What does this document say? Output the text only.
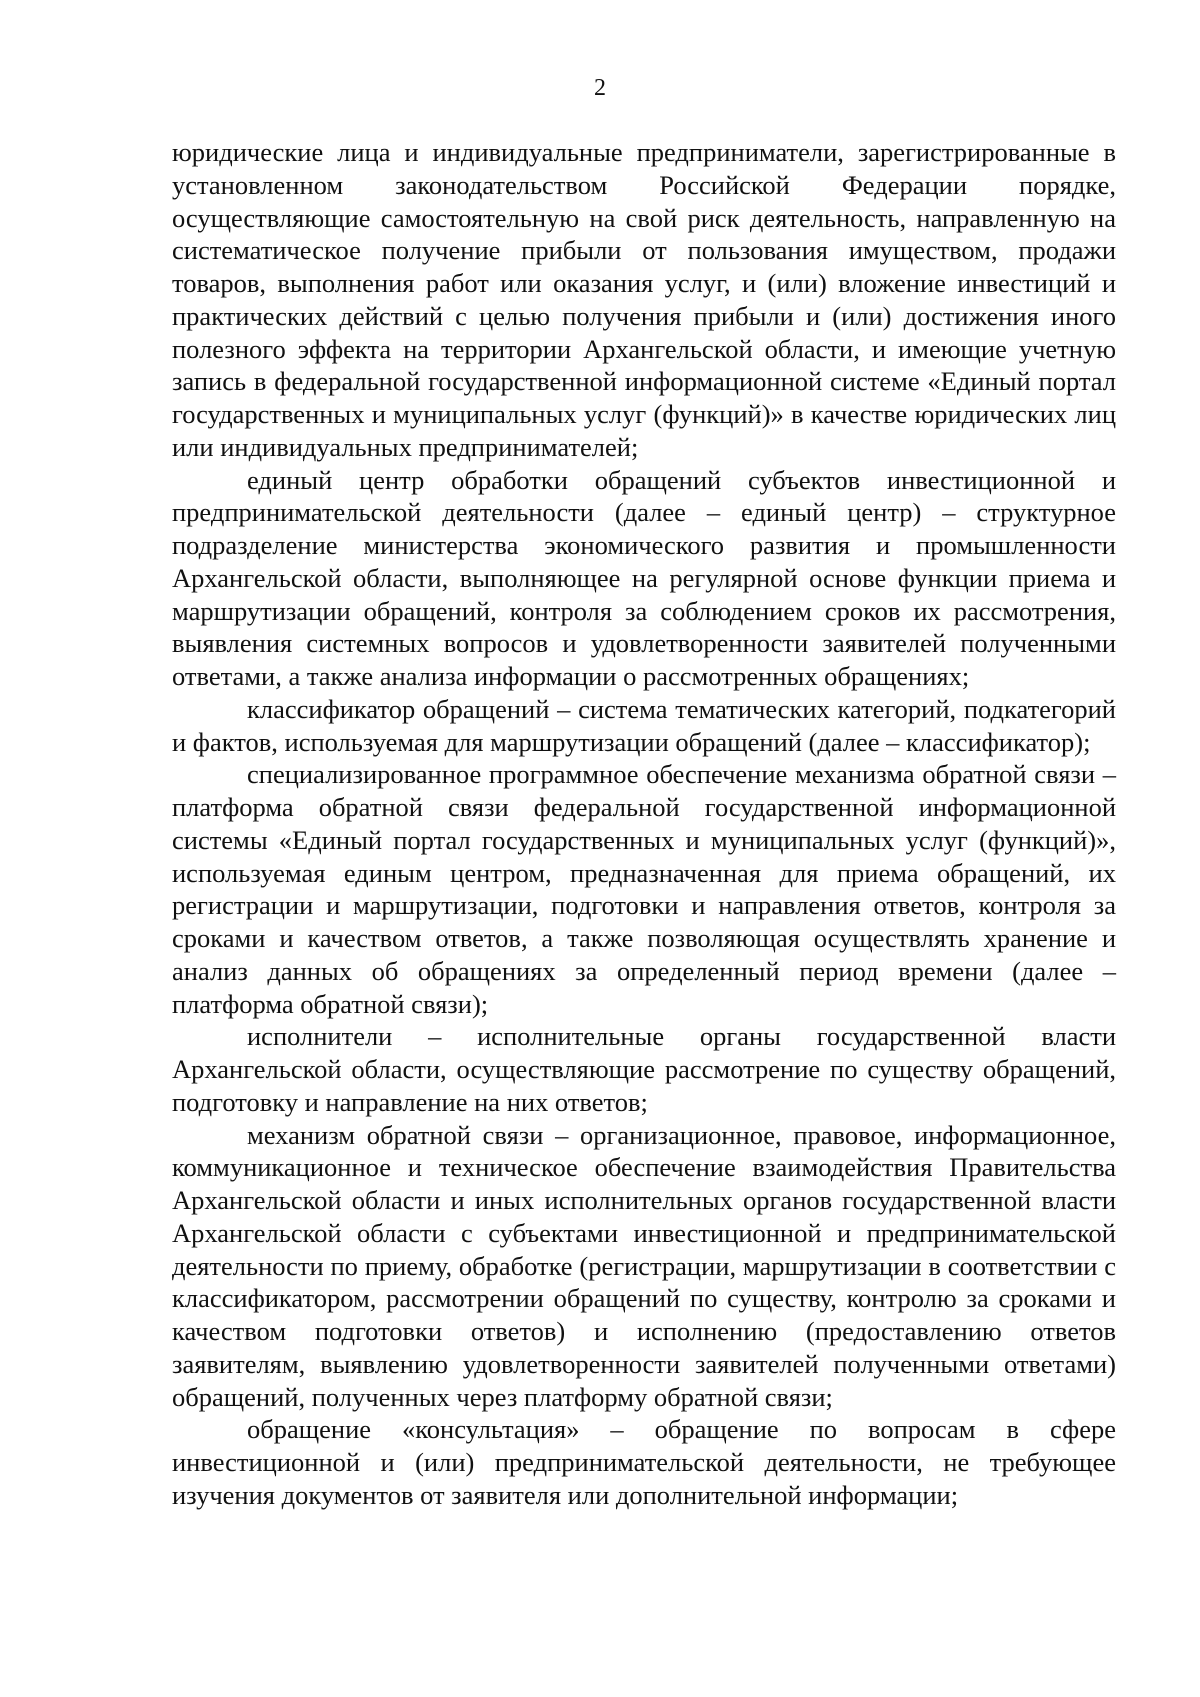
2

юридические лица и индивидуальные предприниматели, зарегистрированные в установленном законодательством Российской Федерации порядке, осуществляющие самостоятельную на свой риск деятельность, направленную на систематическое получение прибыли от пользования имуществом, продажи товаров, выполнения работ или оказания услуг, и (или) вложение инвестиций и практических действий с целью получения прибыли и (или) достижения иного полезного эффекта на территории Архангельской области, и имеющие учетную запись в федеральной государственной информационной системе «Единый портал государственных и муниципальных услуг (функций)» в качестве юридических лиц или индивидуальных предпринимателей;

единый центр обработки обращений субъектов инвестиционной и предпринимательской деятельности (далее – единый центр) – структурное подразделение министерства экономического развития и промышленности Архангельской области, выполняющее на регулярной основе функции приема и маршрутизации обращений, контроля за соблюдением сроков их рассмотрения, выявления системных вопросов и удовлетворенности заявителей полученными ответами, а также анализа информации о рассмотренных обращениях;

классификатор обращений – система тематических категорий, подкатегорий и фактов, используемая для маршрутизации обращений (далее – классификатор);

специализированное программное обеспечение механизма обратной связи – платформа обратной связи федеральной государственной информационной системы «Единый портал государственных и муниципальных услуг (функций)», используемая единым центром, предназначенная для приема обращений, их регистрации и маршрутизации, подготовки и направления ответов, контроля за сроками и качеством ответов, а также позволяющая осуществлять хранение и анализ данных об обращениях за определенный период времени (далее – платформа обратной связи);

исполнители – исполнительные органы государственной власти Архангельской области, осуществляющие рассмотрение по существу обращений, подготовку и направление на них ответов;

механизм обратной связи – организационное, правовое, информационное, коммуникационное и техническое обеспечение взаимодействия Правительства Архангельской области и иных исполнительных органов государственной власти Архангельской области с субъектами инвестиционной и предпринимательской деятельности по приему, обработке (регистрации, маршрутизации в соответствии с классификатором, рассмотрении обращений по существу, контролю за сроками и качеством подготовки ответов) и исполнению (предоставлению ответов заявителям, выявлению удовлетворенности заявителей полученными ответами) обращений, полученных через платформу обратной связи;

обращение «консультация» – обращение по вопросам в сфере инвестиционной и (или) предпринимательской деятельности, не требующее изучения документов от заявителя или дополнительной информации;
